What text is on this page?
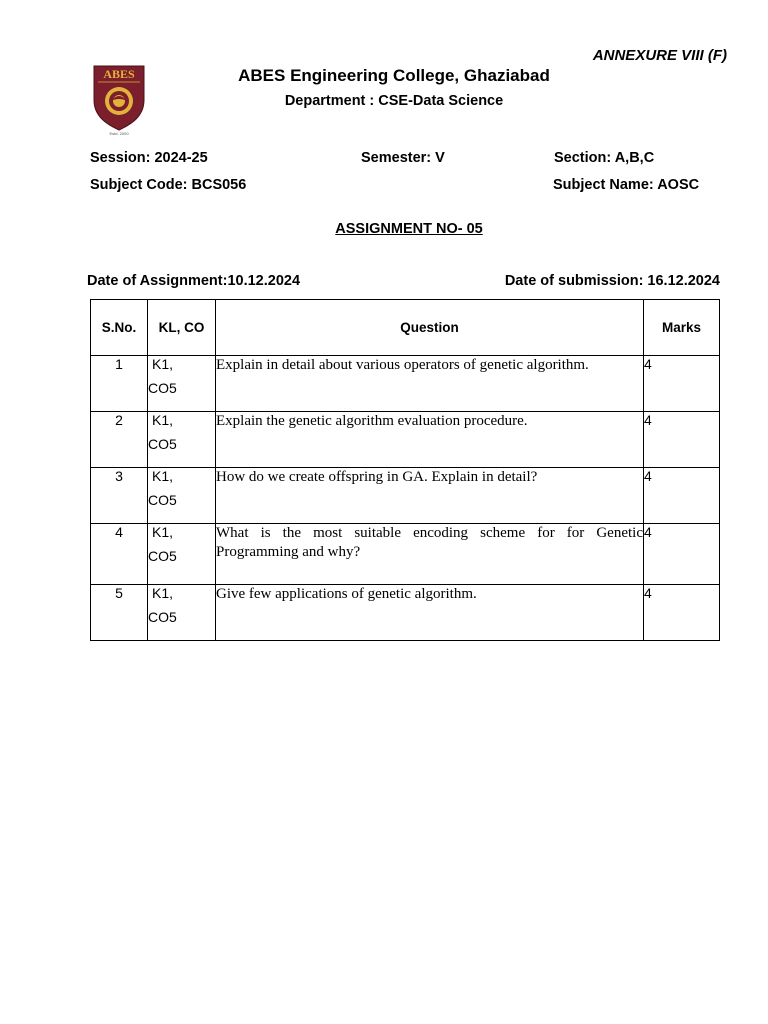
ANNEXURE VIII (F)
ABES
Estd. 2000
ABES Engineering College, Ghaziabad
Department : CSE-Data Science
Session: 2024-25	Semester: V	Section: A,B,C
Subject Code: BCS056	Subject Name: AOSC
ASSIGNMENT NO- 05
Date of Assignment:10.12.2024	Date of submission: 16.12.2024
S.No.	KL, CO	Question	Marks
1	K1,
CO5	Explain in detail about various operators of genetic algorithm.	4
2	K1,
CO5	Explain the genetic algorithm evaluation procedure.	4
3	K1,
CO5	How do we create offspring in GA. Explain in detail?	4
4	K1,
CO5	What is the most suitable encoding scheme for for Genetic Programming and why?	4
5	K1,
CO5	Give few applications of genetic algorithm.	4
